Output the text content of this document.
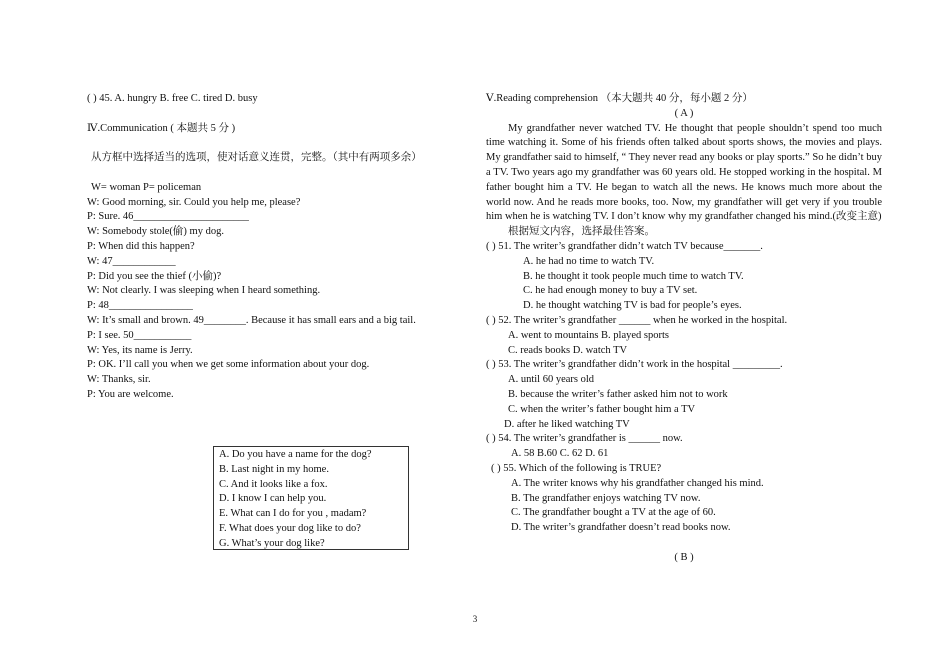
( ) 45. A. hungry B. free C. tired D. busy
Ⅳ.Communication ( 本题共 5 分 )
从方框中选择适当的选项，使对话意义连贯，完整。（其中有两项多余）
W= woman P= policeman
W: Good morning, sir. Could you help me, please?
P: Sure. 46______________________
W: Somebody stole(偷) my dog.
P: When did this happen?
W: 47____________
P: Did you see the thief (小偷)?
W: Not clearly. I was sleeping when I heard something.
P: 48________________
W: It’s small and brown. 49________. Because it has small ears and a big tail.
P: I see. 50___________
W: Yes, its name is Jerry.
P: OK. I’ll call you when we get some information about your dog.
W: Thanks, sir.
P: You are welcome.
A. Do you have a name for the dog?
B. Last night in my home.
C. And it looks like a fox.
D. I know I can help you.
E. What can I do for you , madam?
F. What does your dog like to do?
G. What’s your dog like?
Ⅴ.Reading comprehension （本大题共 40 分，每小题 2 分）
( A )
My grandfather never watched TV. He thought that people shouldn’t spend too much time watching it. Some of his friends often talked about sports shows, the movies and plays. My grandfather said to himself, “ They never read any books or play sports.” So he didn’t buy a TV. Two years ago my grandfather was 60 years old. He stopped working in the hospital. M father bought him a TV. He began to watch all the news. He knows much more about the world now. And he reads more books, too. Now, my grandfather will get very if you trouble him when he is watching TV. I don’t know why my grandfather changed his mind.(改变主意)
根据短文内容，选择最佳答案。
( ) 51. The writer’s grandfather didn’t watch TV because_______.
A. he had no time to watch TV.
B. he thought it took people much time to watch TV.
C. he had enough money to buy a TV set.
D. he thought watching TV is bad for people’s eyes.
( ) 52. The writer’s grandfather ______ when he worked in the hospital.
A. went to mountains B. played sports
C. reads books D. watch TV
( ) 53. The writer’s grandfather didn’t work in the hospital _________.
A. until 60 years old
B. because the writer’s father asked him not to work
C. when the writer’s father bought him a TV
D. after he liked watching TV
( ) 54. The writer’s grandfather is ______ now.
A. 58 B.60 C. 62 D. 61
( ) 55. Which of the following is TRUE?
A. The writer knows why his grandfather changed his mind.
B. The grandfather enjoys watching TV now.
C. The grandfather bought a TV at the age of 60.
D. The writer’s grandfather doesn’t read books now.
( B )
3
